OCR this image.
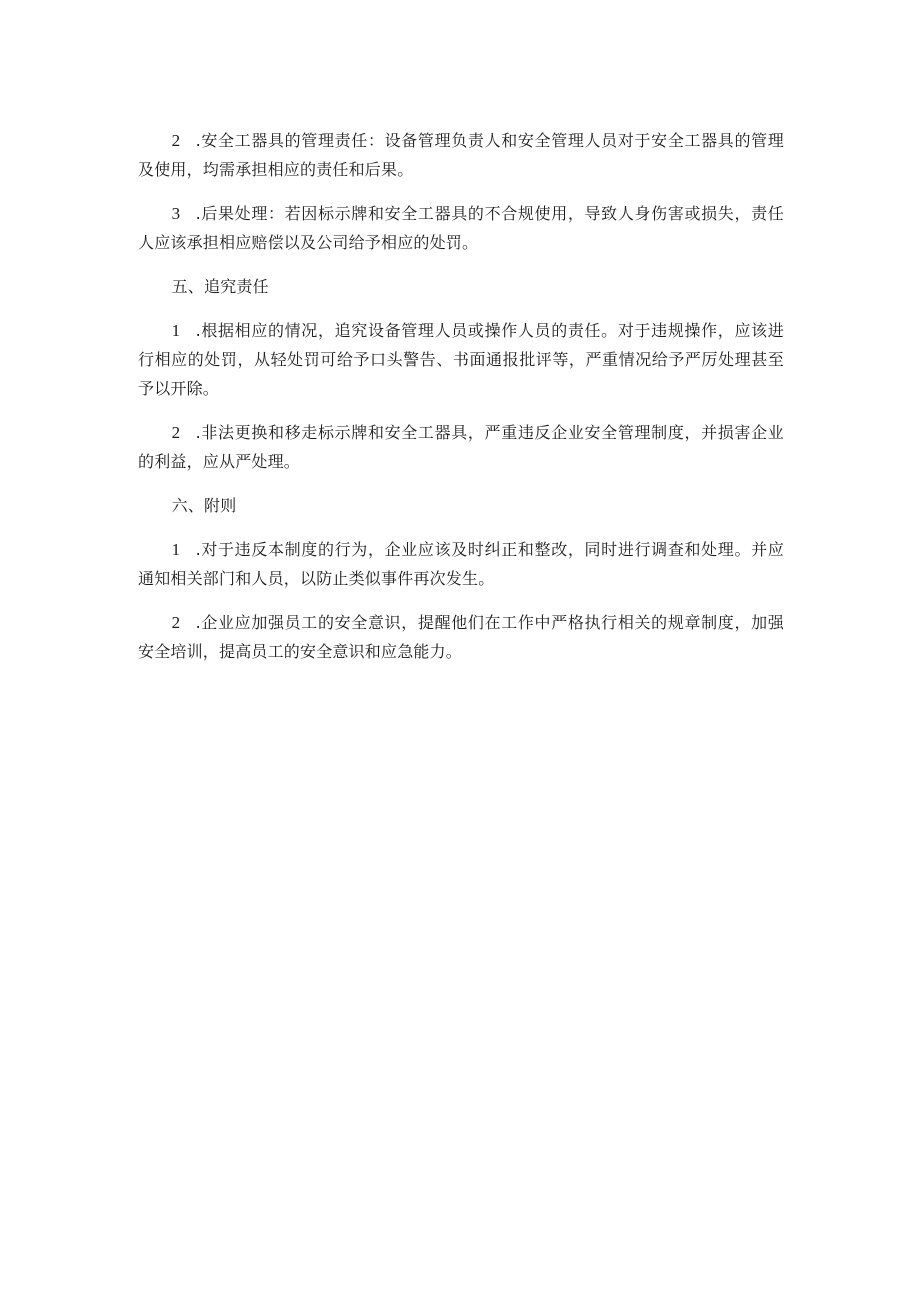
2 .安全工器具的管理责任：设备管理负责人和安全管理人员对于安全工器具的管理及使用，均需承担相应的责任和后果。

3 .后果处理：若因标示牌和安全工器具的不合规使用，导致人身伤害或损失，责任人应该承担相应赔偿以及公司给予相应的处罚。

五、追究责任

1 .根据相应的情况，追究设备管理人员或操作人员的责任。对于违规操作，应该进行相应的处罚，从轻处罚可给予口头警告、书面通报批评等，严重情况给予严厉处理甚至予以开除。

2 .非法更换和移走标示牌和安全工器具，严重违反企业安全管理制度，并损害企业的利益，应从严处理。

六、附则

1 .对于违反本制度的行为，企业应该及时纠正和整改，同时进行调查和处理。并应通知相关部门和人员，以防止类似事件再次发生。

2 .企业应加强员工的安全意识，提醒他们在工作中严格执行相关的规章制度，加强安全培训，提高员工的安全意识和应急能力。
